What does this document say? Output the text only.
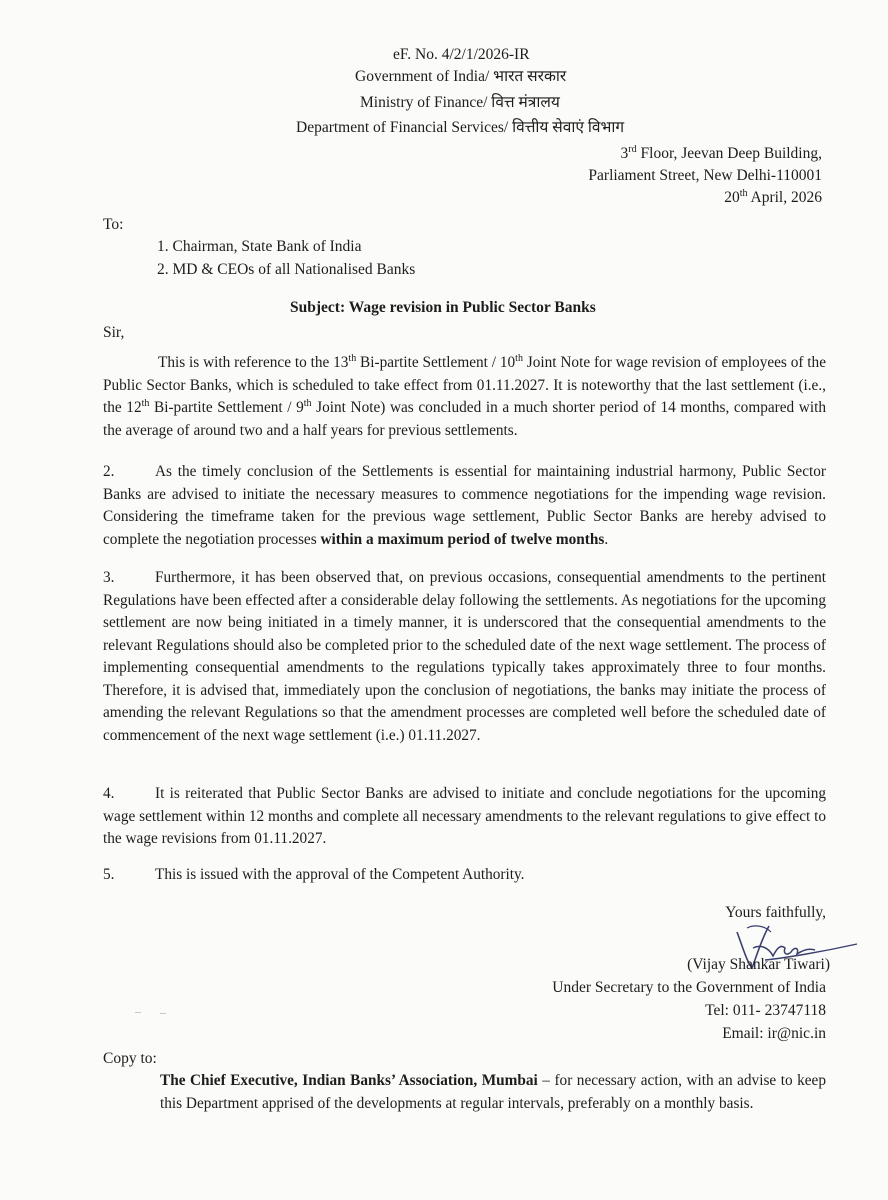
eF. No. 4/2/1/2026-IR
Government of India/ भारत सरकार
Ministry of Finance/ वित्त मंत्रालय
Department of Financial Services/ वित्तीय सेवाएं विभाग
3rd Floor, Jeevan Deep Building,
Parliament Street, New Delhi-110001
20th April, 2026
To:
1. Chairman, State Bank of India
2. MD & CEOs of all Nationalised Banks
Subject: Wage revision in Public Sector Banks
Sir,
This is with reference to the 13th Bi-partite Settlement / 10th Joint Note for wage revision of employees of the Public Sector Banks, which is scheduled to take effect from 01.11.2027. It is noteworthy that the last settlement (i.e., the 12th Bi-partite Settlement / 9th Joint Note) was concluded in a much shorter period of 14 months, compared with the average of around two and a half years for previous settlements.
2.	As the timely conclusion of the Settlements is essential for maintaining industrial harmony, Public Sector Banks are advised to initiate the necessary measures to commence negotiations for the impending wage revision. Considering the timeframe taken for the previous wage settlement, Public Sector Banks are hereby advised to complete the negotiation processes within a maximum period of twelve months.
3.	Furthermore, it has been observed that, on previous occasions, consequential amendments to the pertinent Regulations have been effected after a considerable delay following the settlements. As negotiations for the upcoming settlement are now being initiated in a timely manner, it is underscored that the consequential amendments to the relevant Regulations should also be completed prior to the scheduled date of the next wage settlement. The process of implementing consequential amendments to the regulations typically takes approximately three to four months. Therefore, it is advised that, immediately upon the conclusion of negotiations, the banks may initiate the process of amending the relevant Regulations so that the amendment processes are completed well before the scheduled date of commencement of the next wage settlement (i.e.) 01.11.2027.
4.	It is reiterated that Public Sector Banks are advised to initiate and conclude negotiations for the upcoming wage settlement within 12 months and complete all necessary amendments to the relevant regulations to give effect to the wage revisions from 01.11.2027.
5.	This is issued with the approval of the Competent Authority.
Yours faithfully,
(Vijay Shankar Tiwari)
Under Secretary to the Government of India
Tel: 011- 23747118
Email: ir@nic.in
Copy to:
The Chief Executive, Indian Banks’ Association, Mumbai – for necessary action, with an advise to keep this Department apprised of the developments at regular intervals, preferably on a monthly basis.
